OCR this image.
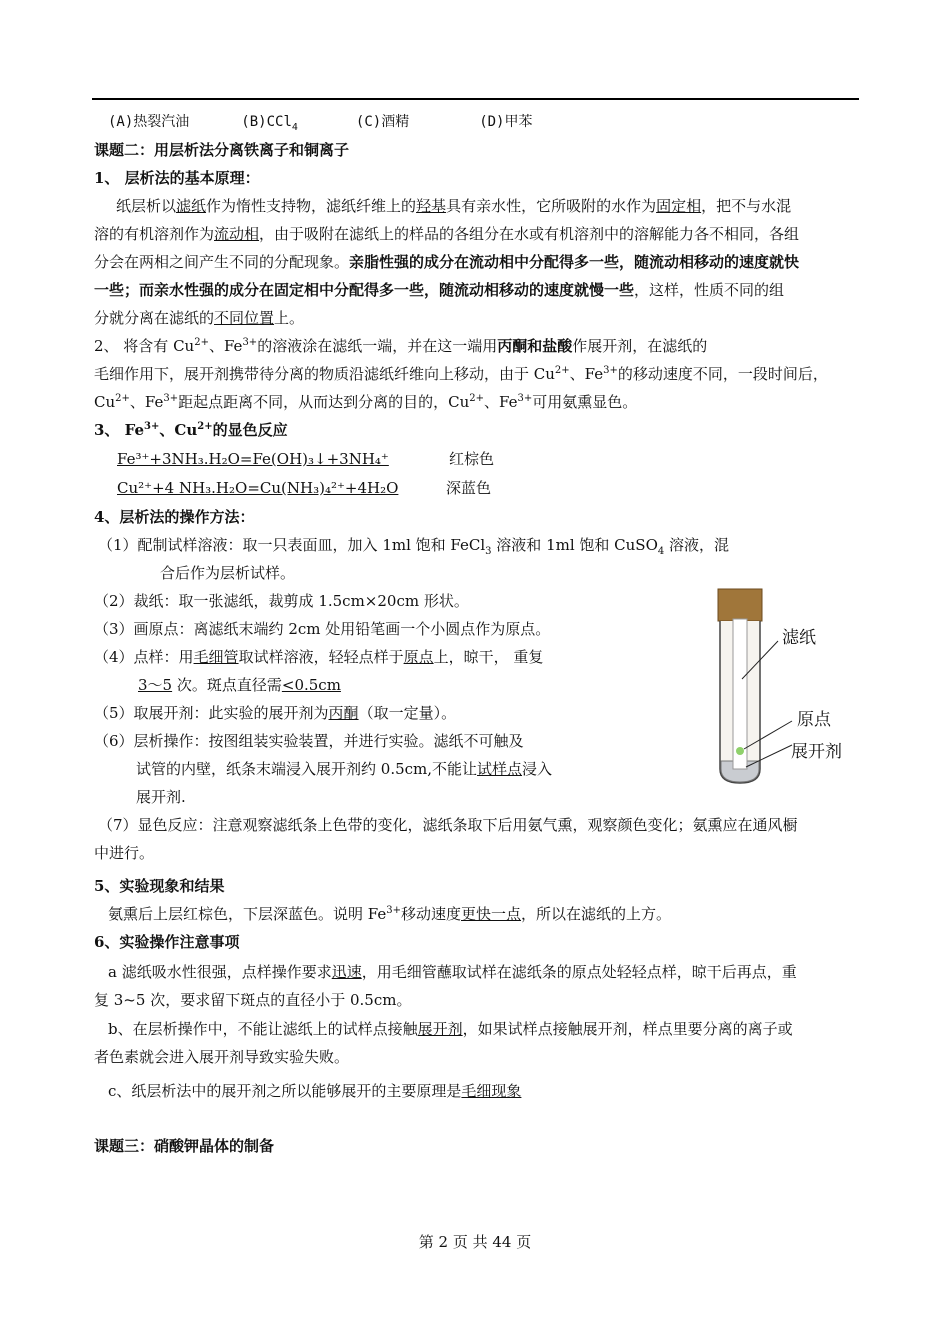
(A)热裂汽油	(B)CCl$_4$	(C)酒精	(D)甲苯
课题二：用层析法分离铁离子和铜离子
1、 层析法的基本原理：
纸层析以滤纸作为惰性支持物，滤纸纤维上的羟基具有亲水性，它所吸附的水作为固定相，把不与水混
溶的有机溶剂作为流动相，由于吸附在滤纸上的样品的各组分在水或有机溶剂中的溶解能力各不相同，各组
分会在两相之间产生不同的分配现象。亲脂性强的成分在流动相中分配得多一些，随流动相移动的速度就快
一些；而亲水性强的成分在固定相中分配得多一些，随流动相移动的速度就慢一些，这样，性质不同的组
分就分离在滤纸的不同位置上。
2、 将含有 $Cu^{2+}$、$Fe^{3+}$的溶液涂在滤纸一端，并在这一端用丙酮和盐酸作展开剂，在滤纸的
毛细作用下，展开剂携带待分离的物质沿滤纸纤维向上移动，由于 $Cu^{2+}$、$Fe^{3+}$的移动速度不同，一段时间后，
$Cu^{2+}$、$Fe^{3+}$距起点距离不同，从而达到分离的目的，$Cu^{2+}$、$Fe^{3+}$可用氨熏显色。
3、 $Fe^{3+}$、$Cu^{2+}$的显色反应
Fe³⁺+3NH₃.H₂O=Fe(OH)₃↓+3NH₄⁺	红棕色
Cu²⁺+4 NH₃.H₂O=Cu(NH₃)₄²⁺+4H₂O	深蓝色
4、层析法的操作方法：
（1）配制试样溶液：取一只表面皿，加入 1ml 饱和 FeCl$_3$ 溶液和 1ml 饱和 CuSO$_4$ 溶液，混
合后作为层析试样。
（2）裁纸：取一张滤纸，裁剪成 1.5cm×20cm 形状。
（3）画原点：离滤纸末端约 2cm 处用铅笔画一个小圆点作为原点。
（4）点样：用毛细管取试样溶液，轻轻点样于原点上，晾干， 重复
3～5 次。斑点直径需<0.5cm
（5）取展开剂：此实验的展开剂为丙酮（取一定量）。
（6）层析操作：按图组装实验装置，并进行实验。滤纸不可触及
试管的内壁，纸条末端浸入展开剂约 0.5cm,不能让试样点浸入
展开剂.
（7）显色反应：注意观察滤纸条上色带的变化，滤纸条取下后用氨气熏，观察颜色变化；氨熏应在通风橱
中进行。
滤纸
原点
展开剂
5、实验现象和结果
氨熏后上层红棕色，下层深蓝色。说明 $Fe^{3+}$移动速度更快一点，所以在滤纸的上方。
6、实验操作注意事项
a 滤纸吸水性很强，点样操作要求迅速，用毛细管蘸取试样在滤纸条的原点处轻轻点样，晾干后再点，重
复 3~5 次，要求留下斑点的直径小于 0.5cm。
b、在层析操作中，不能让滤纸上的试样点接触展开剂，如果试样点接触展开剂，样点里要分离的离子或
者色素就会进入展开剂导致实验失败。
c、纸层析法中的展开剂之所以能够展开的主要原理是毛细现象
课题三：硝酸钾晶体的制备
第 2 页 共 44 页
